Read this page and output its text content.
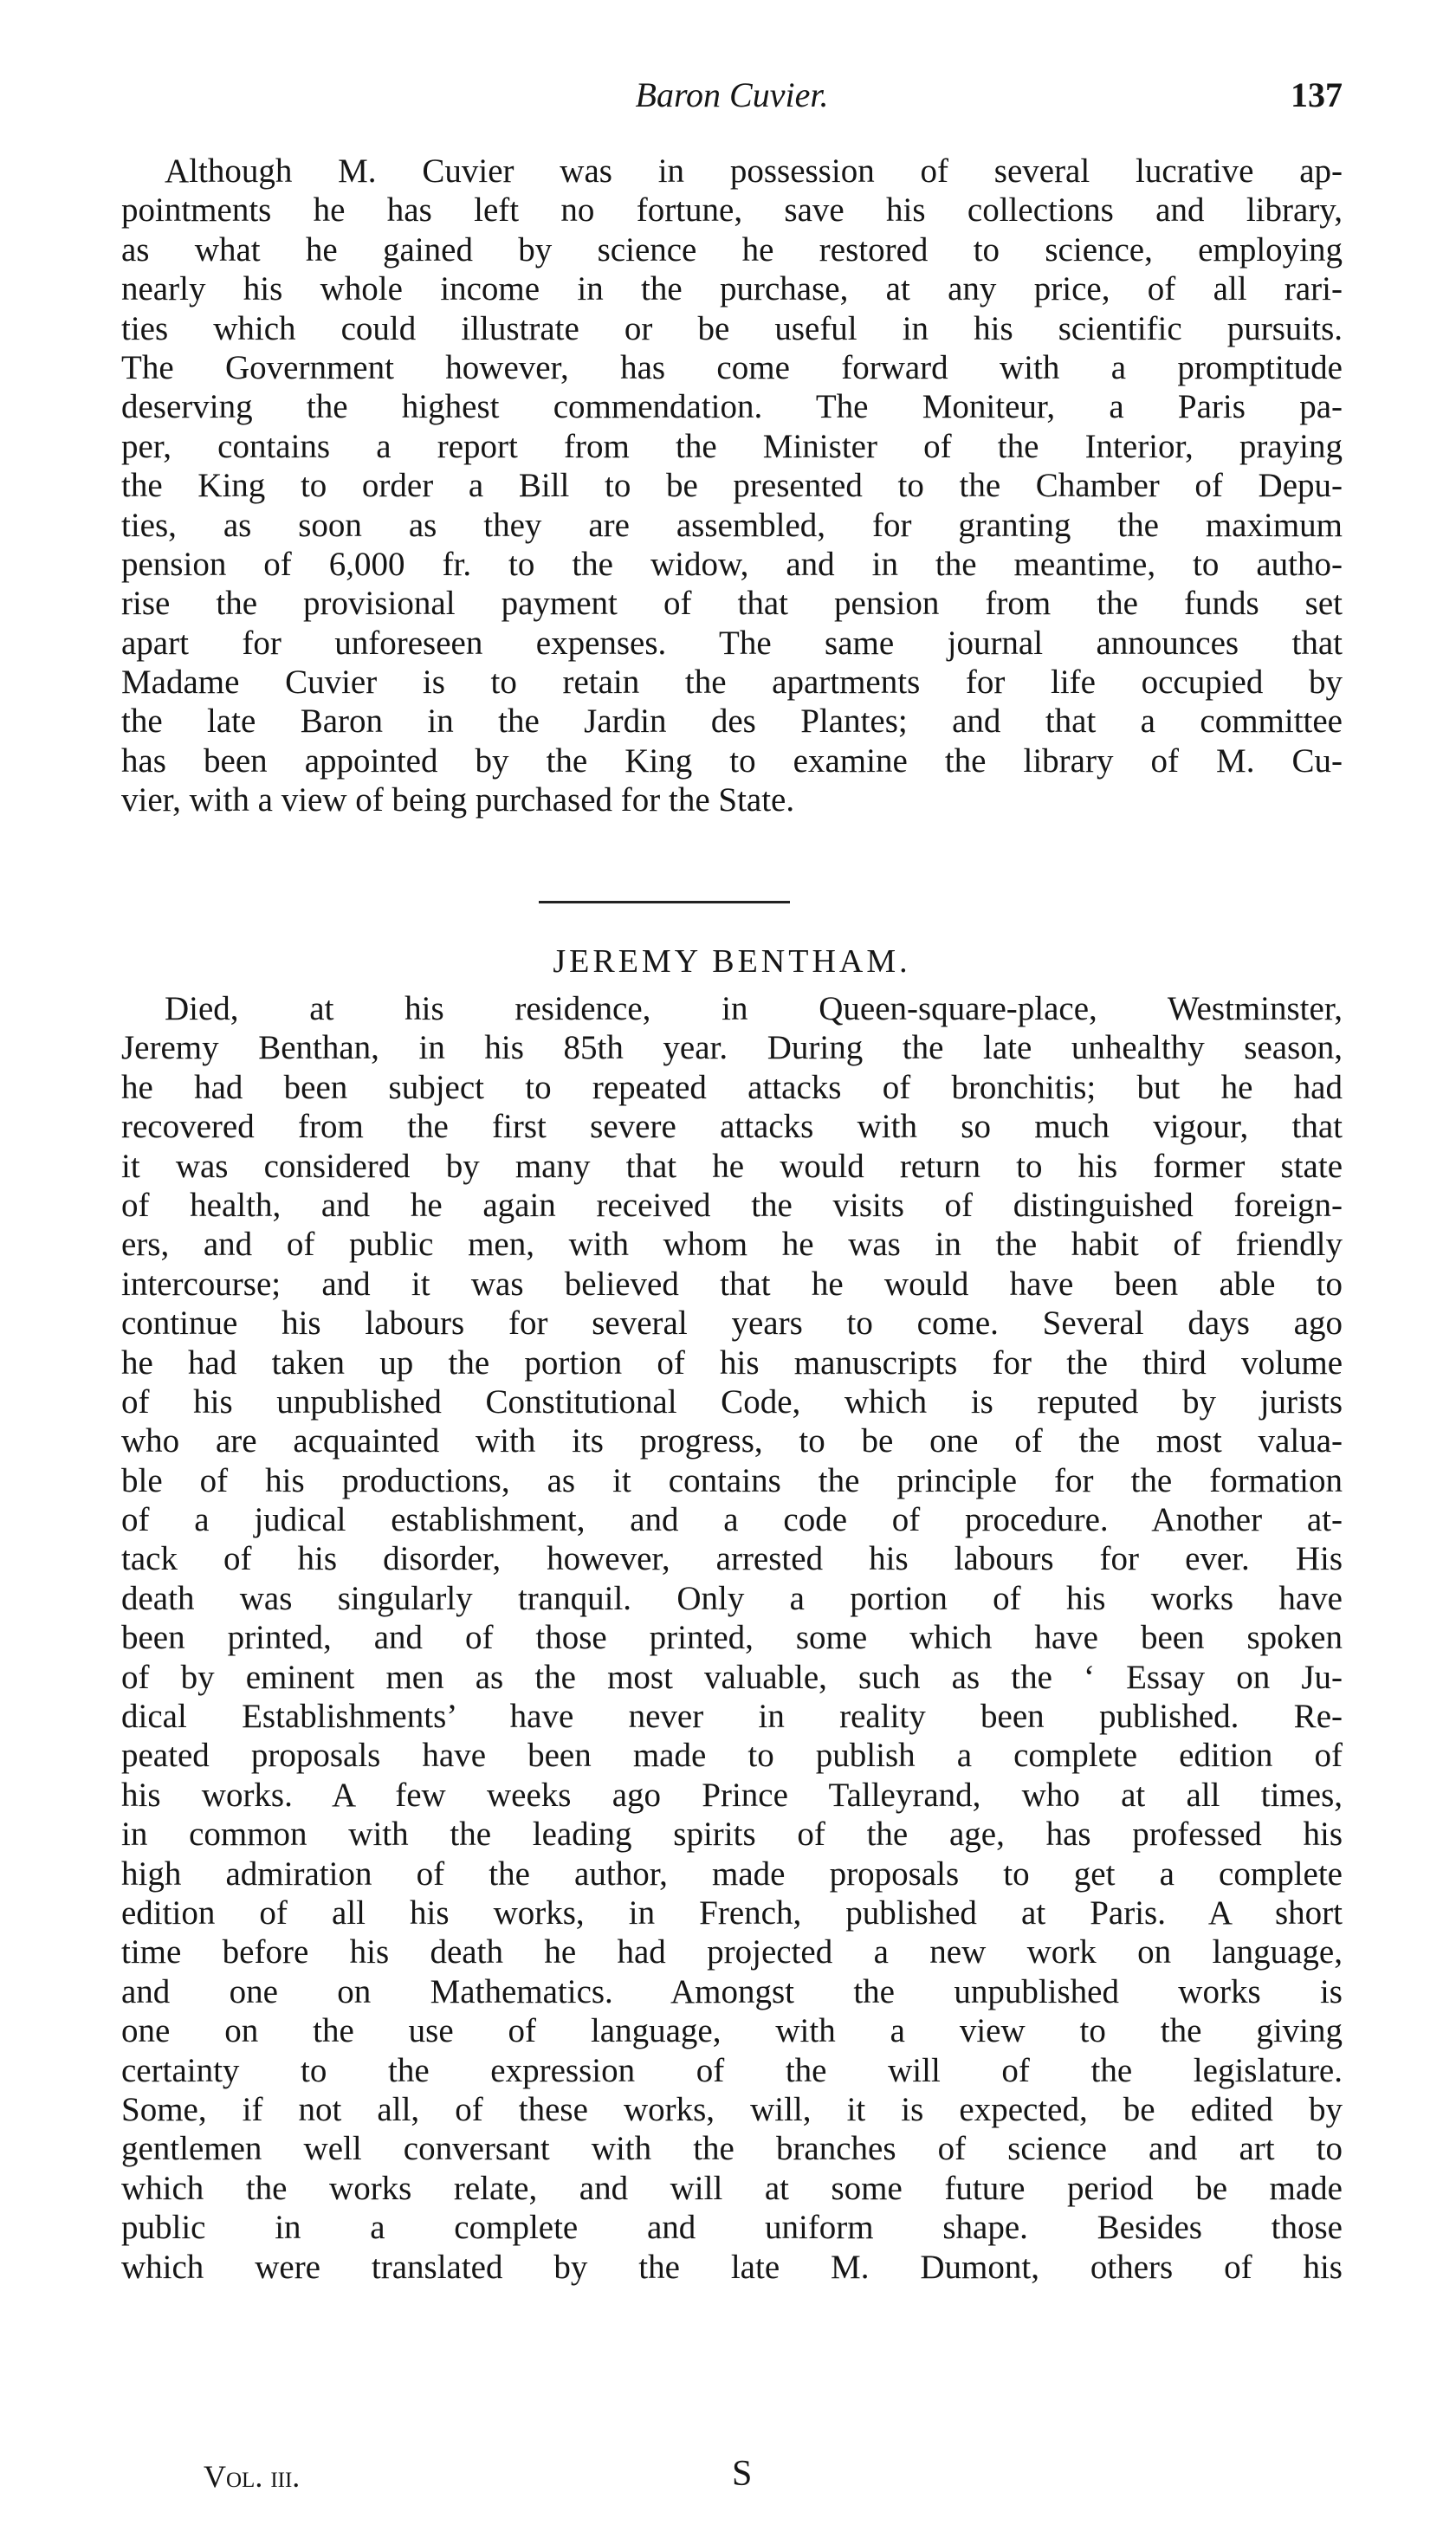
Baron Cuvier.	137
Although M. Cuvier was in possession of several lucrative ap-
pointments he has left no fortune, save his collections and library,
as what he gained by science he restored to science, employing
nearly his whole income in the purchase, at any price, of all rari-
ties which could illustrate or be useful in his scientific pursuits.
The Government however, has come forward with a promptitude
deserving the highest commendation. The Moniteur, a Paris pa-
per, contains a report from the Minister of the Interior, praying
the King to order a Bill to be presented to the Chamber of Depu-
ties, as soon as they are assembled, for granting the maximum
pension of 6,000 fr. to the widow, and in the meantime, to autho-
rise the provisional payment of that pension from the funds set
apart for unforeseen expenses. The same journal announces that
Madame Cuvier is to retain the apartments for life occupied by
the late Baron in the Jardin des Plantes; and that a committee
has been appointed by the King to examine the library of M. Cu-
vier, with a view of being purchased for the State.
JEREMY BENTHAM.
Died, at his residence, in Queen-square-place, Westminster,
Jeremy Benthan, in his 85th year. During the late unhealthy season,
he had been subject to repeated attacks of bronchitis; but he had
recovered from the first severe attacks with so much vigour, that
it was considered by many that he would return to his former state
of health, and he again received the visits of distinguished foreign-
ers, and of public men, with whom he was in the habit of friendly
intercourse; and it was believed that he would have been able to
continue his labours for several years to come. Several days ago
he had taken up the portion of his manuscripts for the third volume
of his unpublished Constitutional Code, which is reputed by jurists
who are acquainted with its progress, to be one of the most valua-
ble of his productions, as it contains the principle for the formation
of a judical establishment, and a code of procedure. Another at-
tack of his disorder, however, arrested his labours for ever. His
death was singularly tranquil. Only a portion of his works have
been printed, and of those printed, some which have been spoken
of by eminent men as the most valuable, such as the ‘ Essay on Ju-
dical Establishments’ have never in reality been published. Re-
peated proposals have been made to publish a complete edition of
his works. A few weeks ago Prince Talleyrand, who at all times,
in common with the leading spirits of the age, has professed his
high admiration of the author, made proposals to get a complete
edition of all his works, in French, published at Paris. A short
time before his death he had projected a new work on language,
and one on Mathematics. Amongst the unpublished works is
one on the use of language, with a view to the giving
certainty to the expression of the will of the legislature.
Some, if not all, of these works, will, it is expected, be edited by
gentlemen well conversant with the branches of science and art to
which the works relate, and will at some future period be made
public in a complete and uniform shape. Besides those
which were translated by the late M. Dumont, others of his
Vol. iii.	S
